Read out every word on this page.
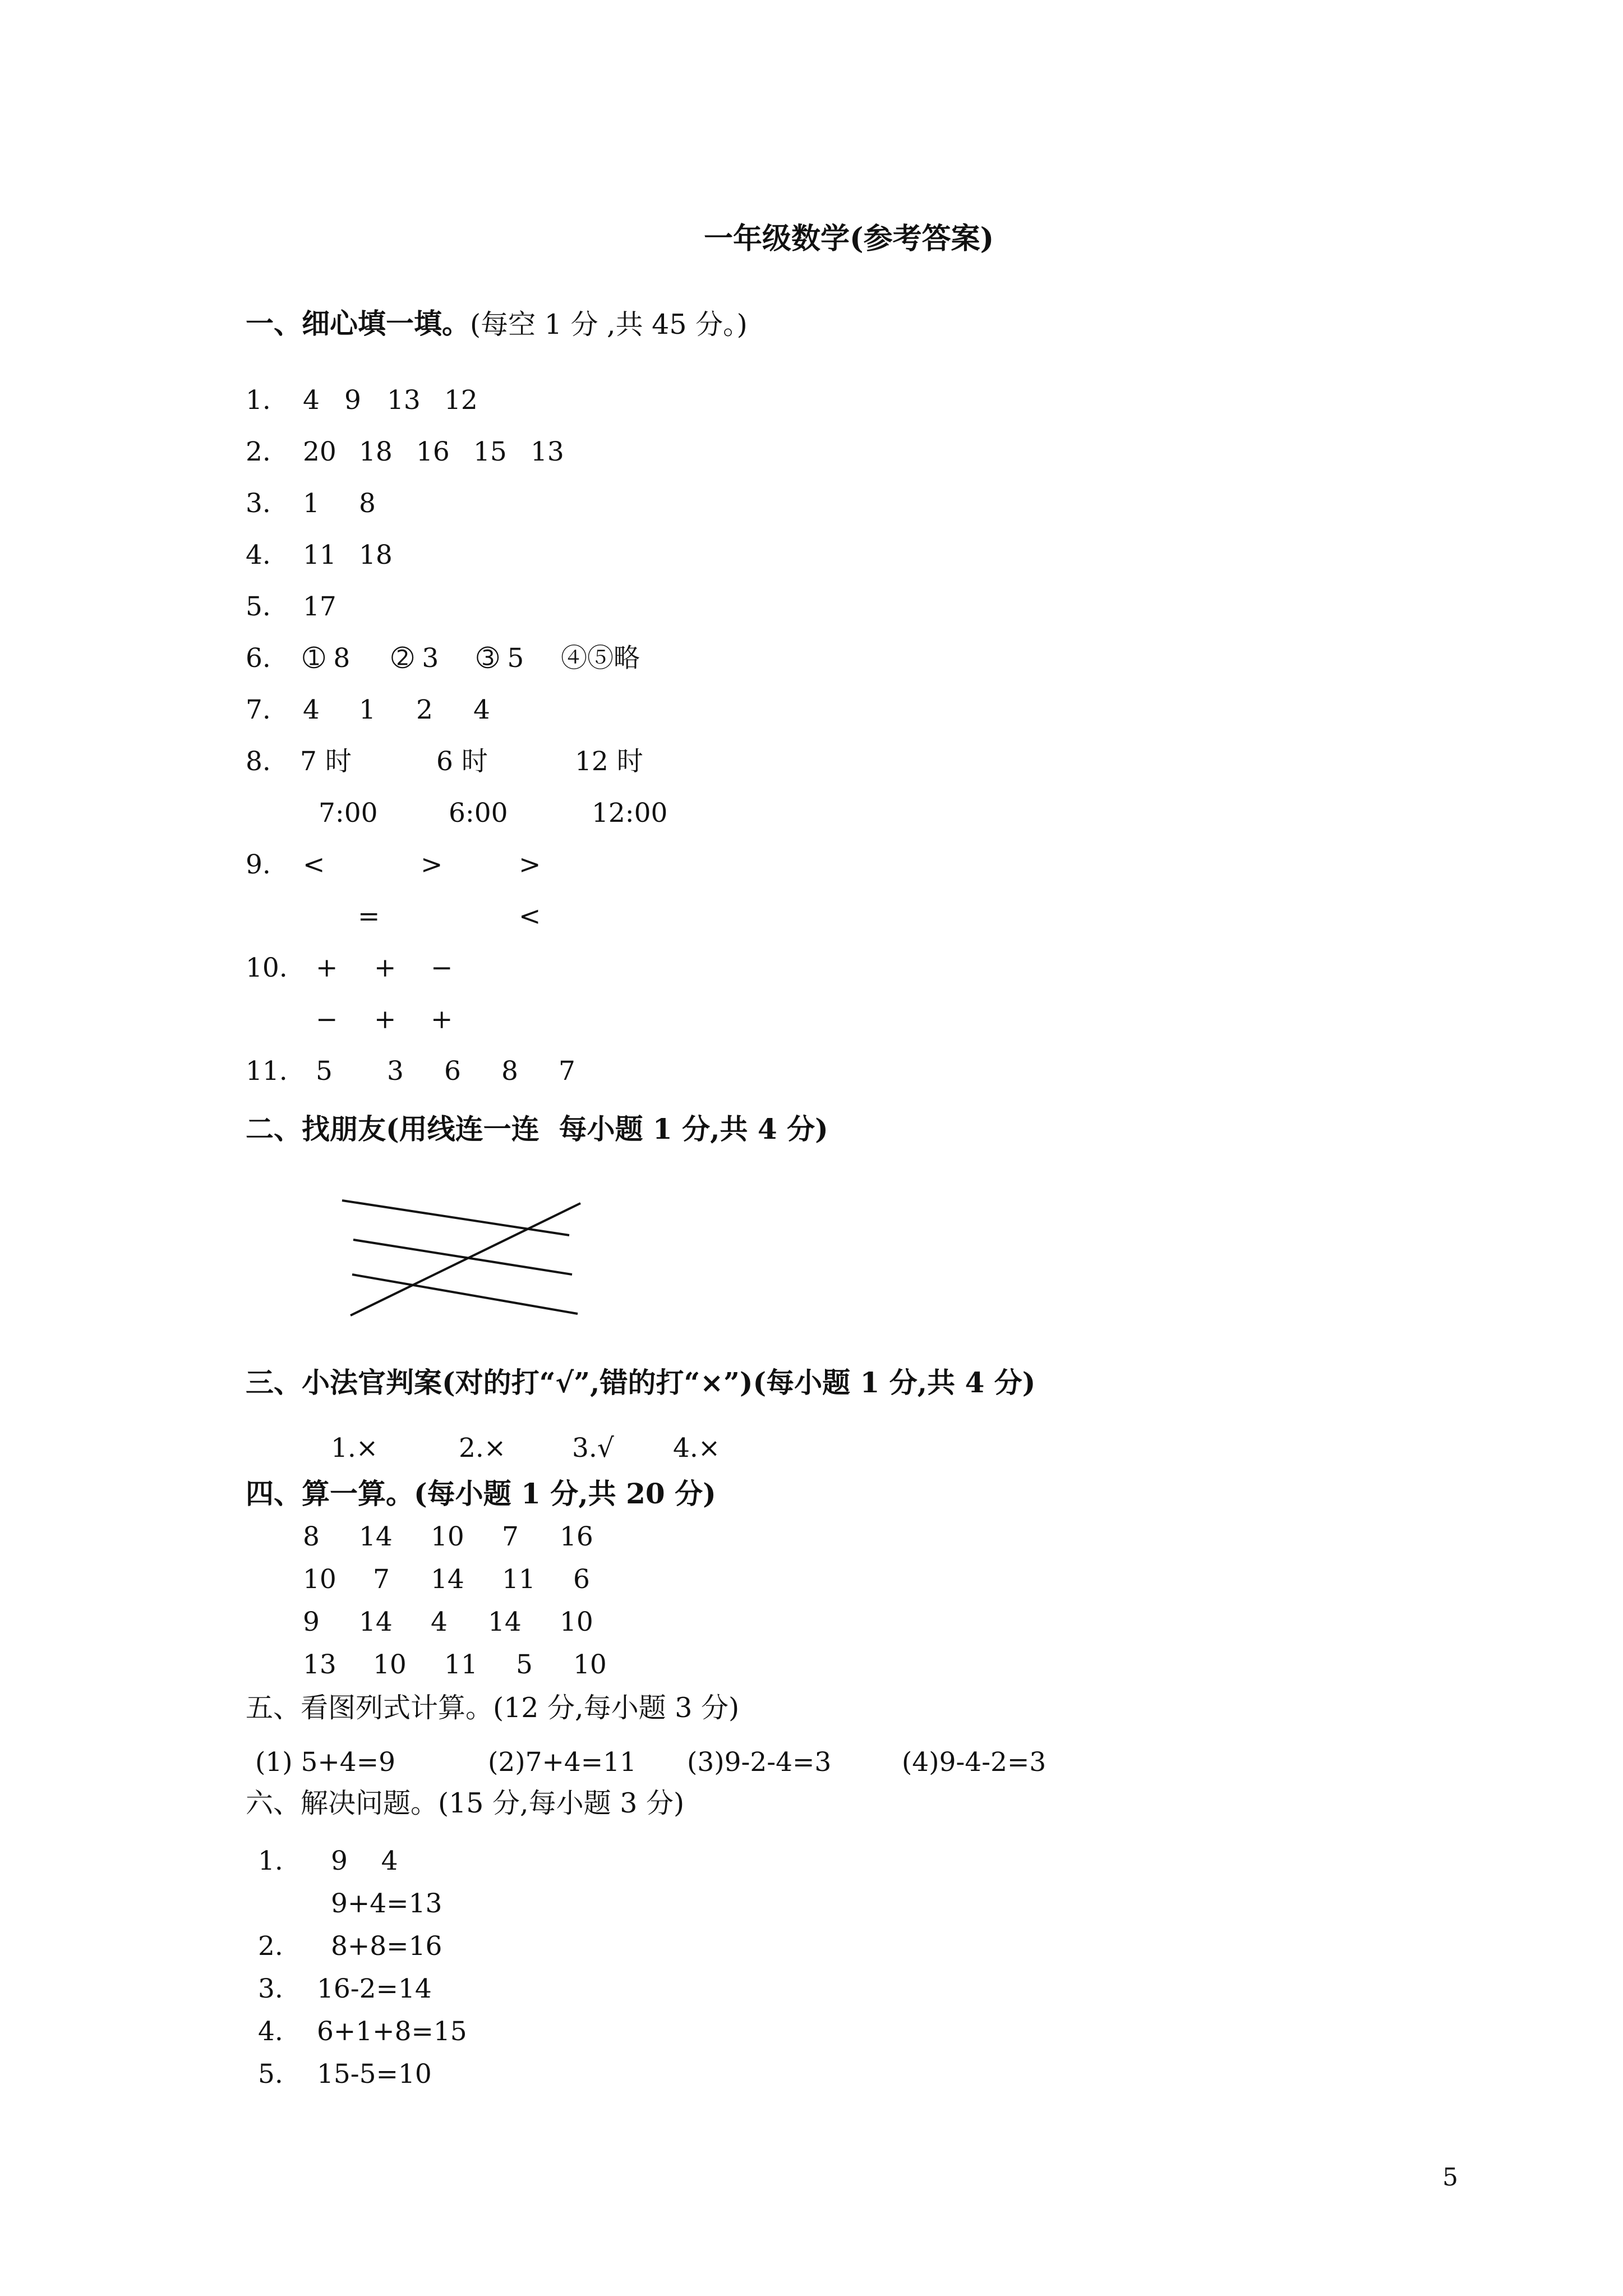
一年级数学(参考答案)
一、细心填一填。 (每空 1 分 ,共 45 分。)
1. 4 9 13 12
2. 20 18 16 15 13
3. 1 8
4. 11 18
5. 17
6. ➀ 8 ➁ 3 ➂ 5 ➃➄略
7. 4 1 2 4
8. 7 时	6 时	12 时
7:00	6:00	12:00
9. <	>	>
=	<
10. + + −
− + +
11. 5 3 6 8 7
二、找朋友(用线连一连  每小题 1 分,共 4 分)
三、小法官判案(对的打“√”,错的打“×”)(每小题 1 分,共 4 分)
1.×	2.×	3.√ 4.×
四、算一算。(每小题 1 分,共 20 分)
8 14 10 7 16
10 7 14 11 6
9 14 4 14 10
13 10 11 5 10
五、看图列式计算。(12 分,每小题 3 分)
(1) 5+4=9	(2)7+4=11 (3)9-2-4=3	(4)9-4-2=3
六、解决问题。(15 分,每小题 3 分)
1. 9    4
9+4=13
2. 8+8=16
3. 16-2=14
4. 6+1+8=15
5. 15-5=10
5
